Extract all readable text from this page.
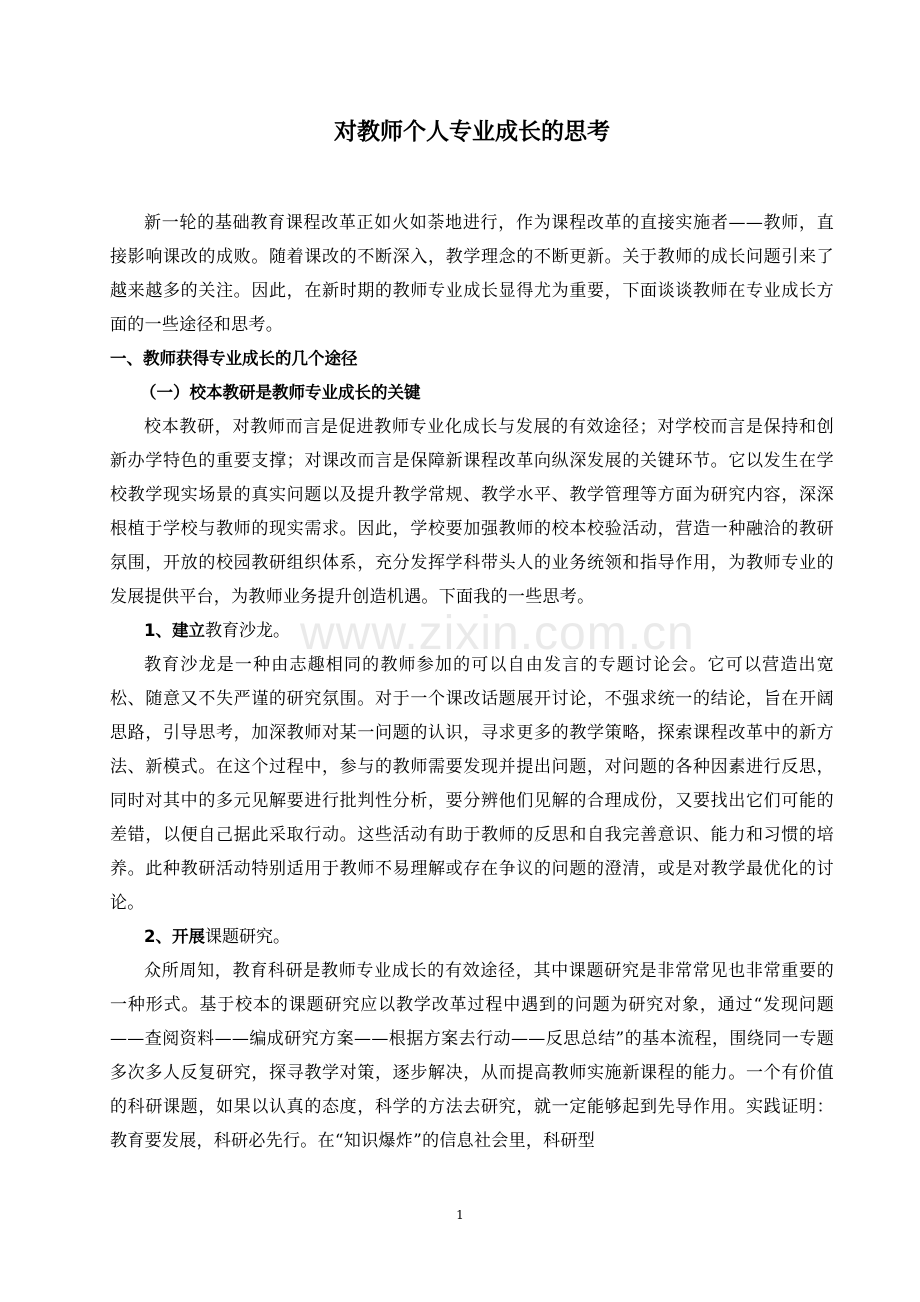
对教师个人专业成长的思考

新一轮的基础教育课程改革正如火如荼地进行，作为课程改革的直接实施者——教师，直接影响课改的成败。随着课改的不断深入，教学理念的不断更新。关于教师的成长问题引来了越来越多的关注。因此，在新时期的教师专业成长显得尤为重要，下面谈谈教师在专业成长方面的一些途径和思考。

一、教师获得专业成长的几个途径

（一）校本教研是教师专业成长的关键

校本教研，对教师而言是促进教师专业化成长与发展的有效途径；对学校而言是保持和创新办学特色的重要支撑；对课改而言是保障新课程改革向纵深发展的关键环节。它以发生在学校教学现实场景的真实问题以及提升教学常规、教学水平、教学管理等方面为研究内容，深深根植于学校与教师的现实需求。因此，学校要加强教师的校本校验活动，营造一种融洽的教研氛围，开放的校园教研组织体系，充分发挥学科带头人的业务统领和指导作用，为教师专业的发展提供平台，为教师业务提升创造机遇。下面我的一些思考。

1、建立教育沙龙。

教育沙龙是一种由志趣相同的教师参加的可以自由发言的专题讨论会。它可以营造出宽松、随意又不失严谨的研究氛围。对于一个课改话题展开讨论，不强求统一的结论，旨在开阔思路，引导思考，加深教师对某一问题的认识，寻求更多的教学策略，探索课程改革中的新方法、新模式。在这个过程中，参与的教师需要发现并提出问题，对问题的各种因素进行反思，同时对其中的多元见解要进行批判性分析，要分辨他们见解的合理成份，又要找出它们可能的差错，以便自己据此采取行动。这些活动有助于教师的反思和自我完善意识、能力和习惯的培养。此种教研活动特别适用于教师不易理解或存在争议的问题的澄清，或是对教学最优化的讨论。

2、开展课题研究。

众所周知，教育科研是教师专业成长的有效途径，其中课题研究是非常常见也非常重要的一种形式。基于校本的课题研究应以教学改革过程中遇到的问题为研究对象，通过“发现问题——查阅资料——编成研究方案——根据方案去行动——反思总结”的基本流程，围绕同一专题多次多人反复研究，探寻教学对策，逐步解决，从而提高教师实施新课程的能力。一个有价值的科研课题，如果以认真的态度，科学的方法去研究，就一定能够起到先导作用。实践证明：教育要发展，科研必先行。在“知识爆炸”的信息社会里，科研型

www.zixin.com.cn
1
